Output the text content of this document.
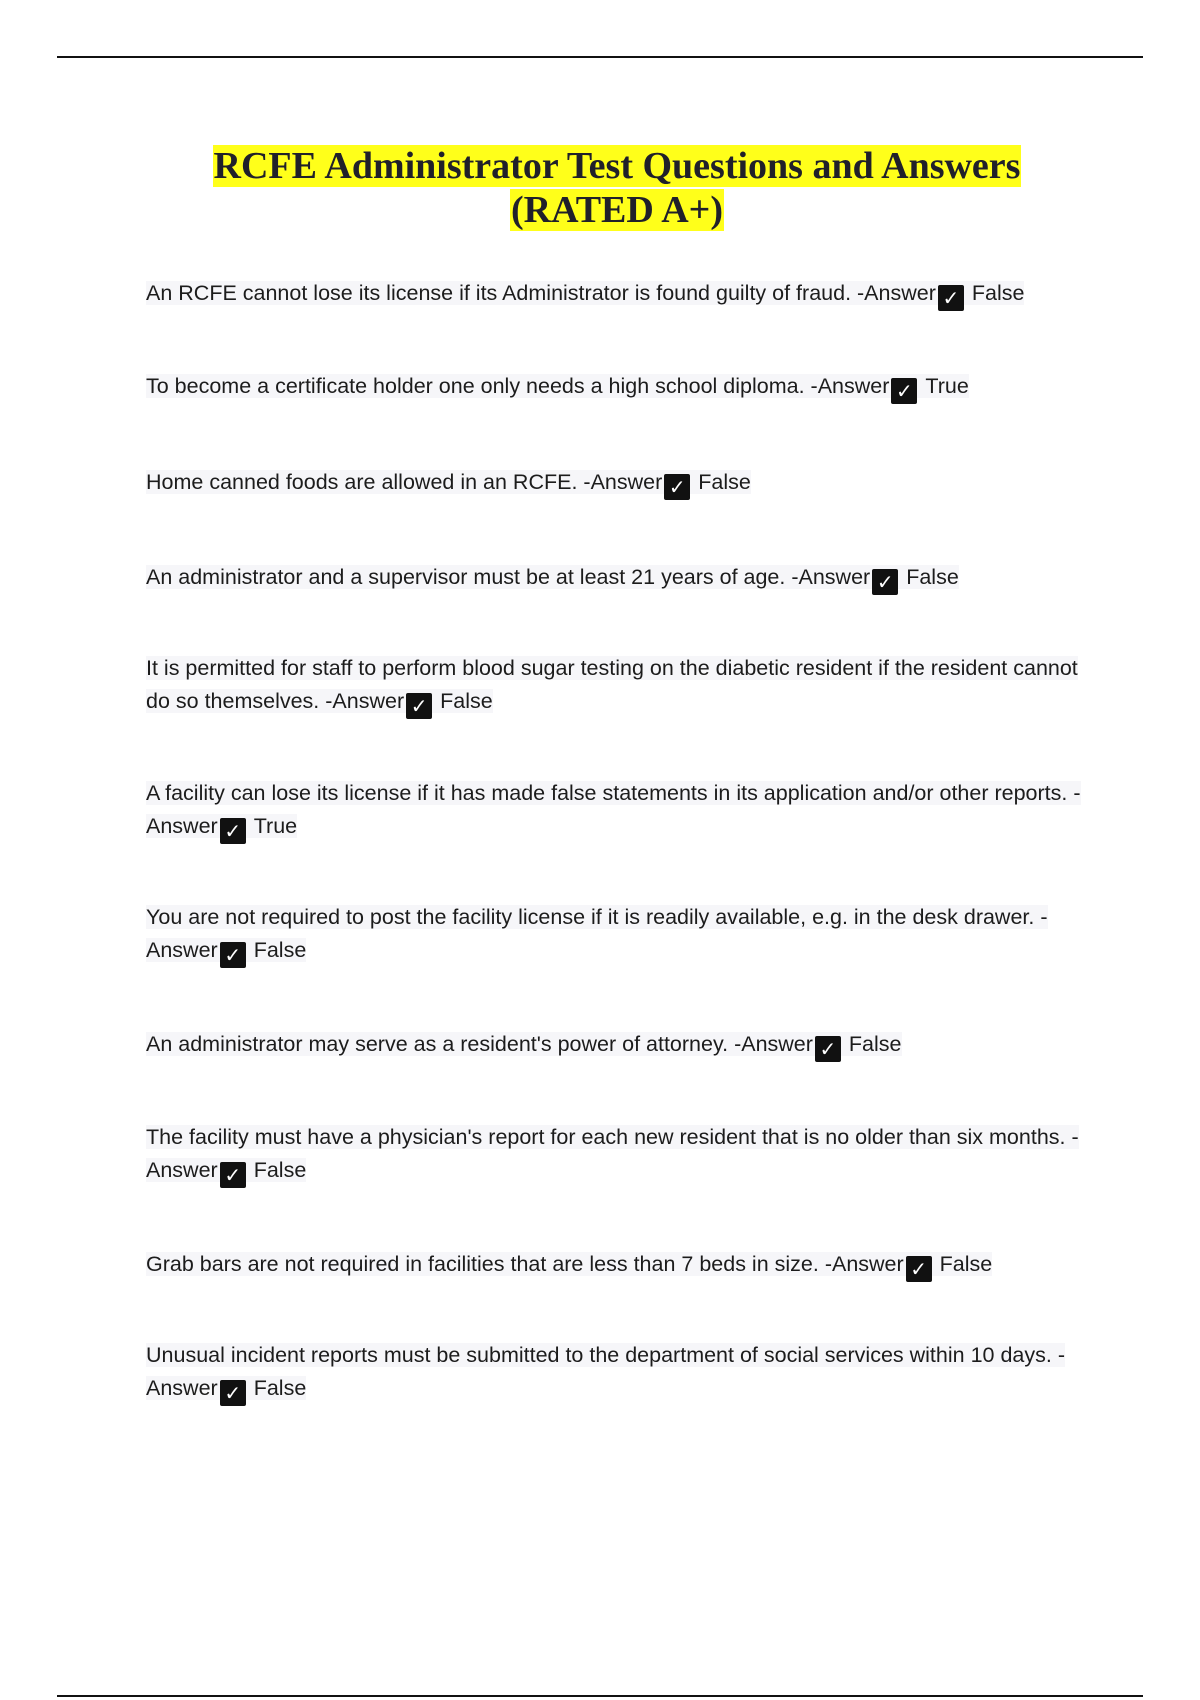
RCFE Administrator Test Questions and Answers (RATED A+)
An RCFE cannot lose its license if its Administrator is found guilty of fraud. -Answer ✓ False
To become a certificate holder one only needs a high school diploma. -Answer ✓ True
Home canned foods are allowed in an RCFE. -Answer ✓ False
An administrator and a supervisor must be at least 21 years of age. -Answer ✓ False
It is permitted for staff to perform blood sugar testing on the diabetic resident if the resident cannot do so themselves. -Answer ✓ False
A facility can lose its license if it has made false statements in its application and/or other reports. -Answer ✓ True
You are not required to post the facility license if it is readily available, e.g. in the desk drawer. -Answer ✓ False
An administrator may serve as a resident's power of attorney. -Answer ✓ False
The facility must have a physician's report for each new resident that is no older than six months. -Answer ✓ False
Grab bars are not required in facilities that are less than 7 beds in size. -Answer ✓ False
Unusual incident reports must be submitted to the department of social services within 10 days. -Answer ✓ False
